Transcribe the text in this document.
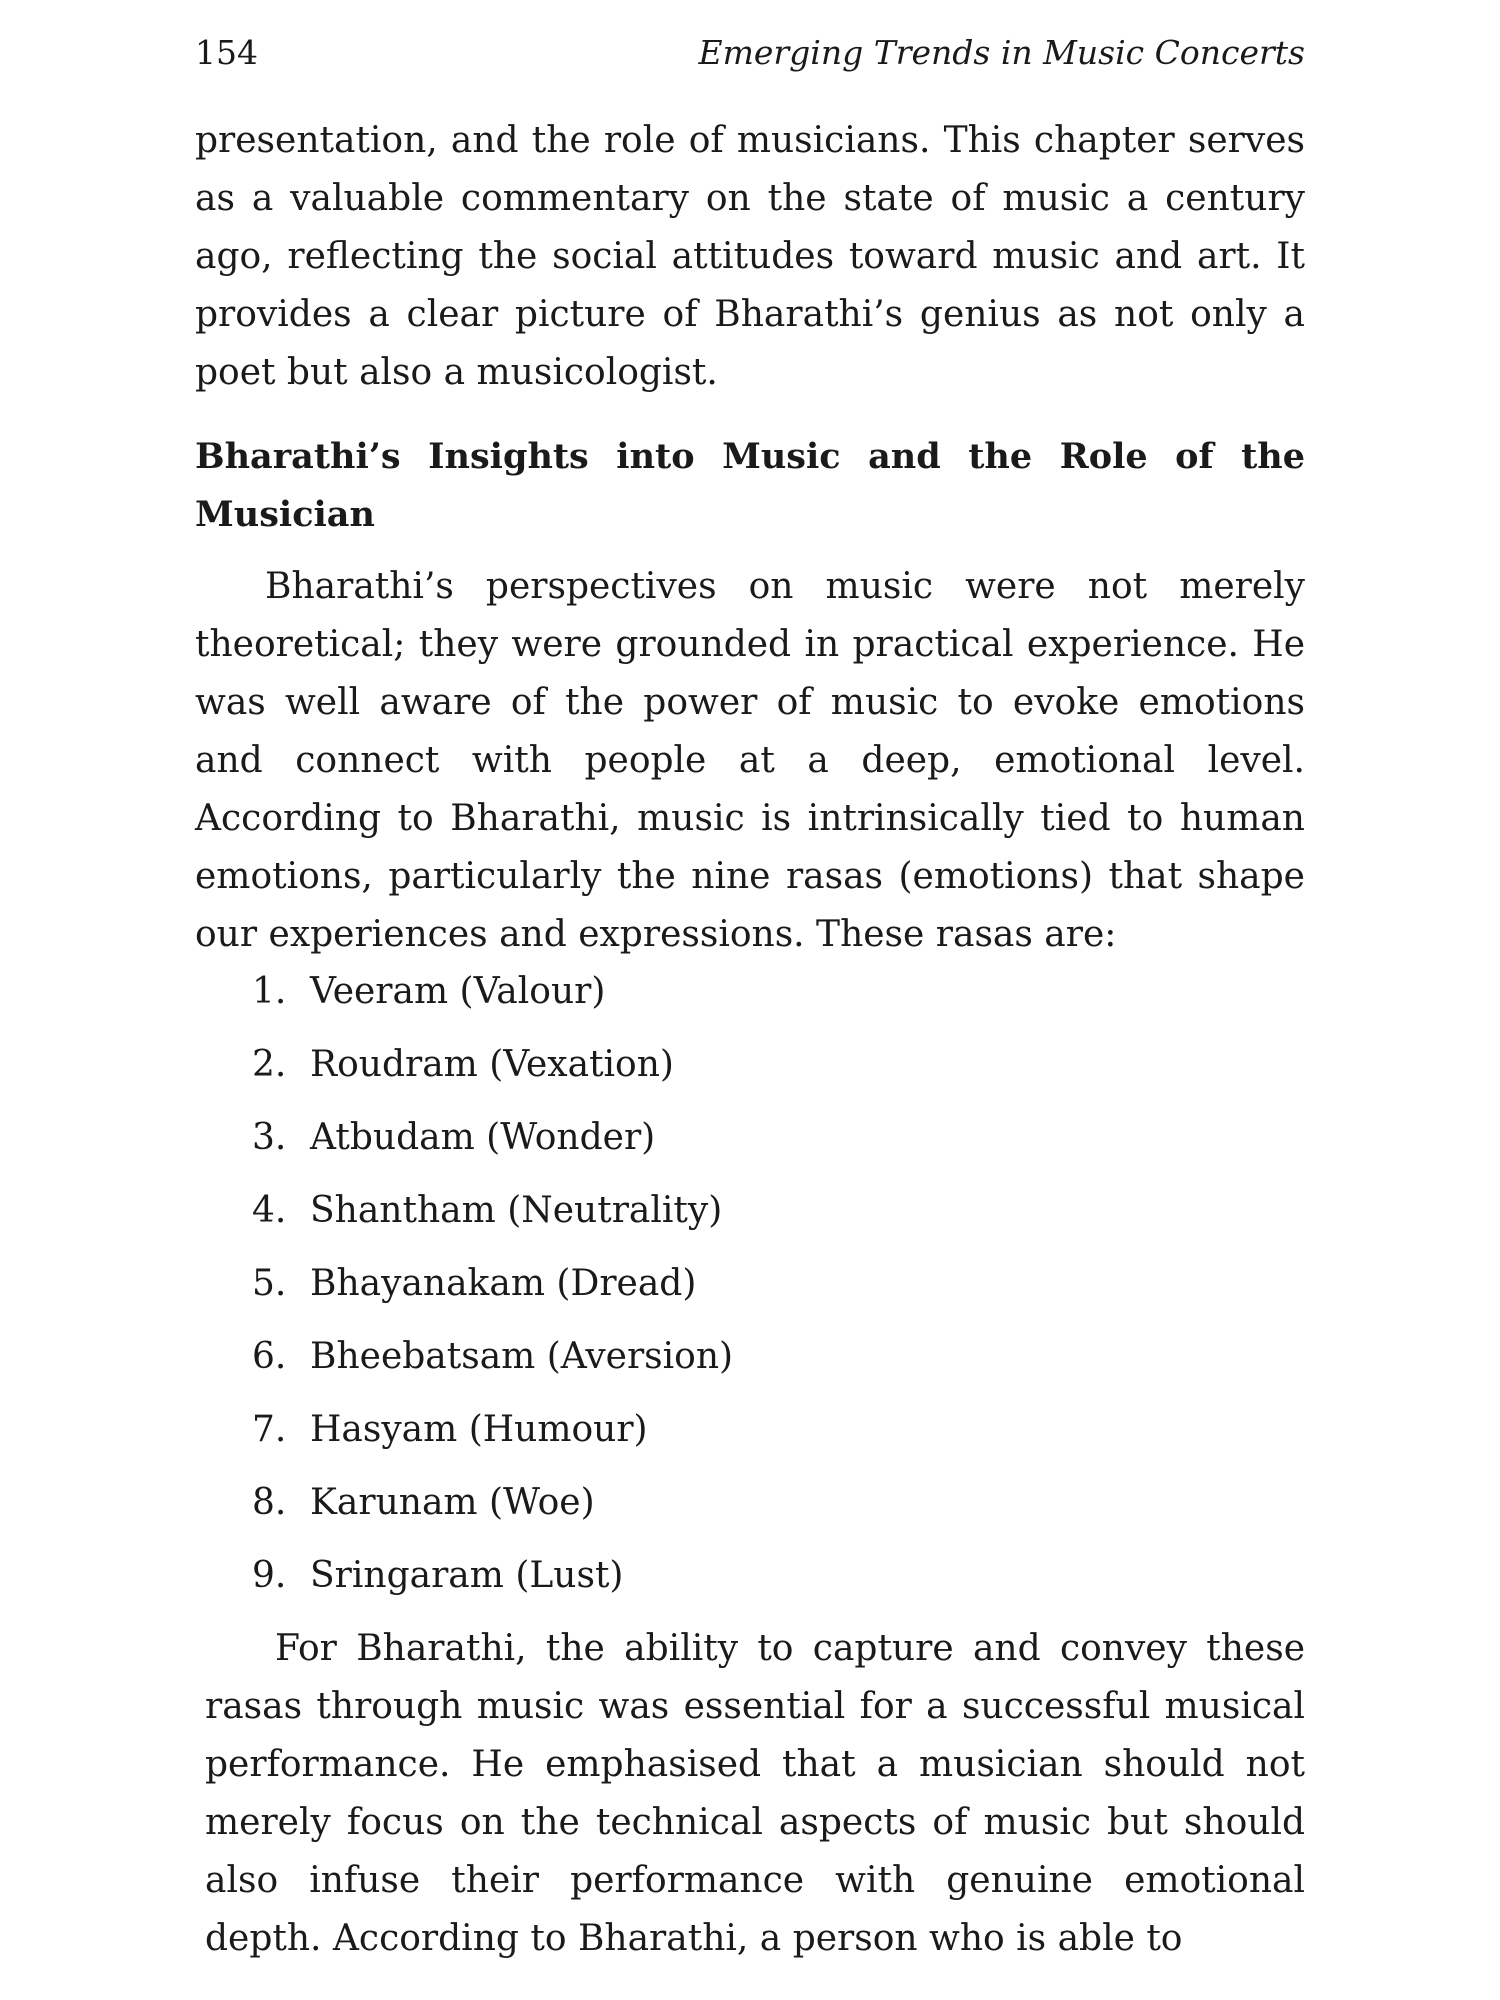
154	Emerging Trends in Music Concerts

presentation, and the role of musicians. This chapter serves as a valuable commentary on the state of music a century ago, reflecting the social attitudes toward music and art. It provides a clear picture of Bharathi’s genius as not only a poet but also a musicologist.

Bharathi’s Insights into Music and the Role of the Musician

Bharathi’s perspectives on music were not merely theoretical; they were grounded in practical experience. He was well aware of the power of music to evoke emotions and connect with people at a deep, emotional level. According to Bharathi, music is intrinsically tied to human emotions, particularly the nine rasas (emotions) that shape our experiences and expressions. These rasas are:

1. Veeram (Valour)
2. Roudram (Vexation)
3. Atbudam (Wonder)
4. Shantham (Neutrality)
5. Bhayanakam (Dread)
6. Bheebatsam (Aversion)
7. Hasyam (Humour)
8. Karunam (Woe)
9. Sringaram (Lust)

For Bharathi, the ability to capture and convey these rasas through music was essential for a successful musical performance. He emphasised that a musician should not merely focus on the technical aspects of music but should also infuse their performance with genuine emotional depth. According to Bharathi, a person who is able to
